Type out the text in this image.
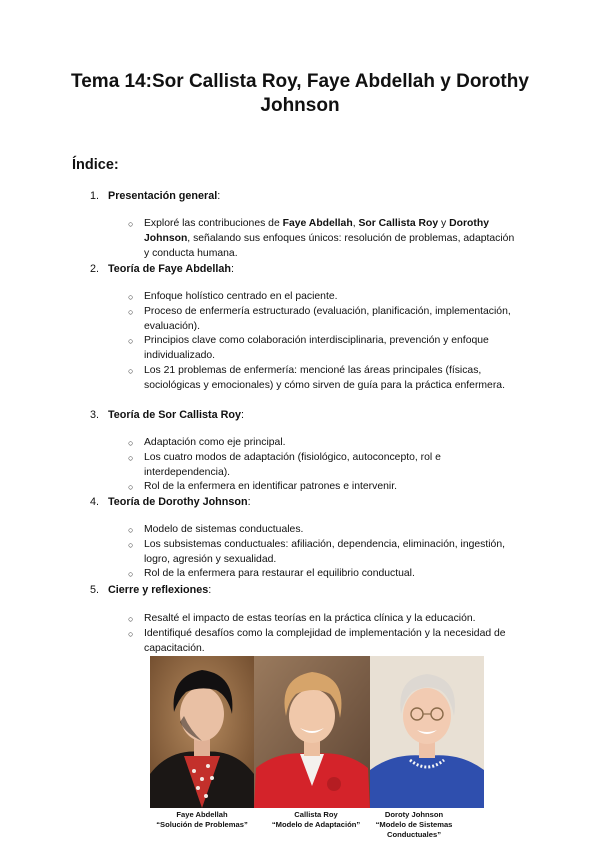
Tema 14:Sor Callista Roy, Faye Abdellah y Dorothy Johnson
Índice:
1. Presentación general:
○ Exploré las contribuciones de Faye Abdellah, Sor Callista Roy y Dorothy Johnson, señalando sus enfoques únicos: resolución de problemas, adaptación y conducta humana.
2. Teoría de Faye Abdellah:
○ Enfoque holístico centrado en el paciente.
○ Proceso de enfermería estructurado (evaluación, planificación, implementación, evaluación).
○ Principios clave como colaboración interdisciplinaria, prevención y enfoque individualizado.
○ Los 21 problemas de enfermería: mencioné las áreas principales (físicas, sociológicas y emocionales) y cómo sirven de guía para la práctica enfermera.
3. Teoría de Sor Callista Roy:
○ Adaptación como eje principal.
○ Los cuatro modos de adaptación (fisiológico, autoconcepto, rol e interdependencia).
○ Rol de la enfermera en identificar patrones e intervenir.
4. Teoría de Dorothy Johnson:
○ Modelo de sistemas conductuales.
○ Los subsistemas conductuales: afiliación, dependencia, eliminación, ingestión, logro, agresión y sexualidad.
○ Rol de la enfermera para restaurar el equilibrio conductual.
5. Cierre y reflexiones:
○ Resalté el impacto de estas teorías en la práctica clínica y la educación.
○ Identifiqué desafíos como la complejidad de implementación y la necesidad de capacitación.
Faye Abdellah
“Solución de Problemas”
Callista Roy
“Modelo de Adaptación”
Doroty Johnson
“Modelo de Sistemas Conductuales”
